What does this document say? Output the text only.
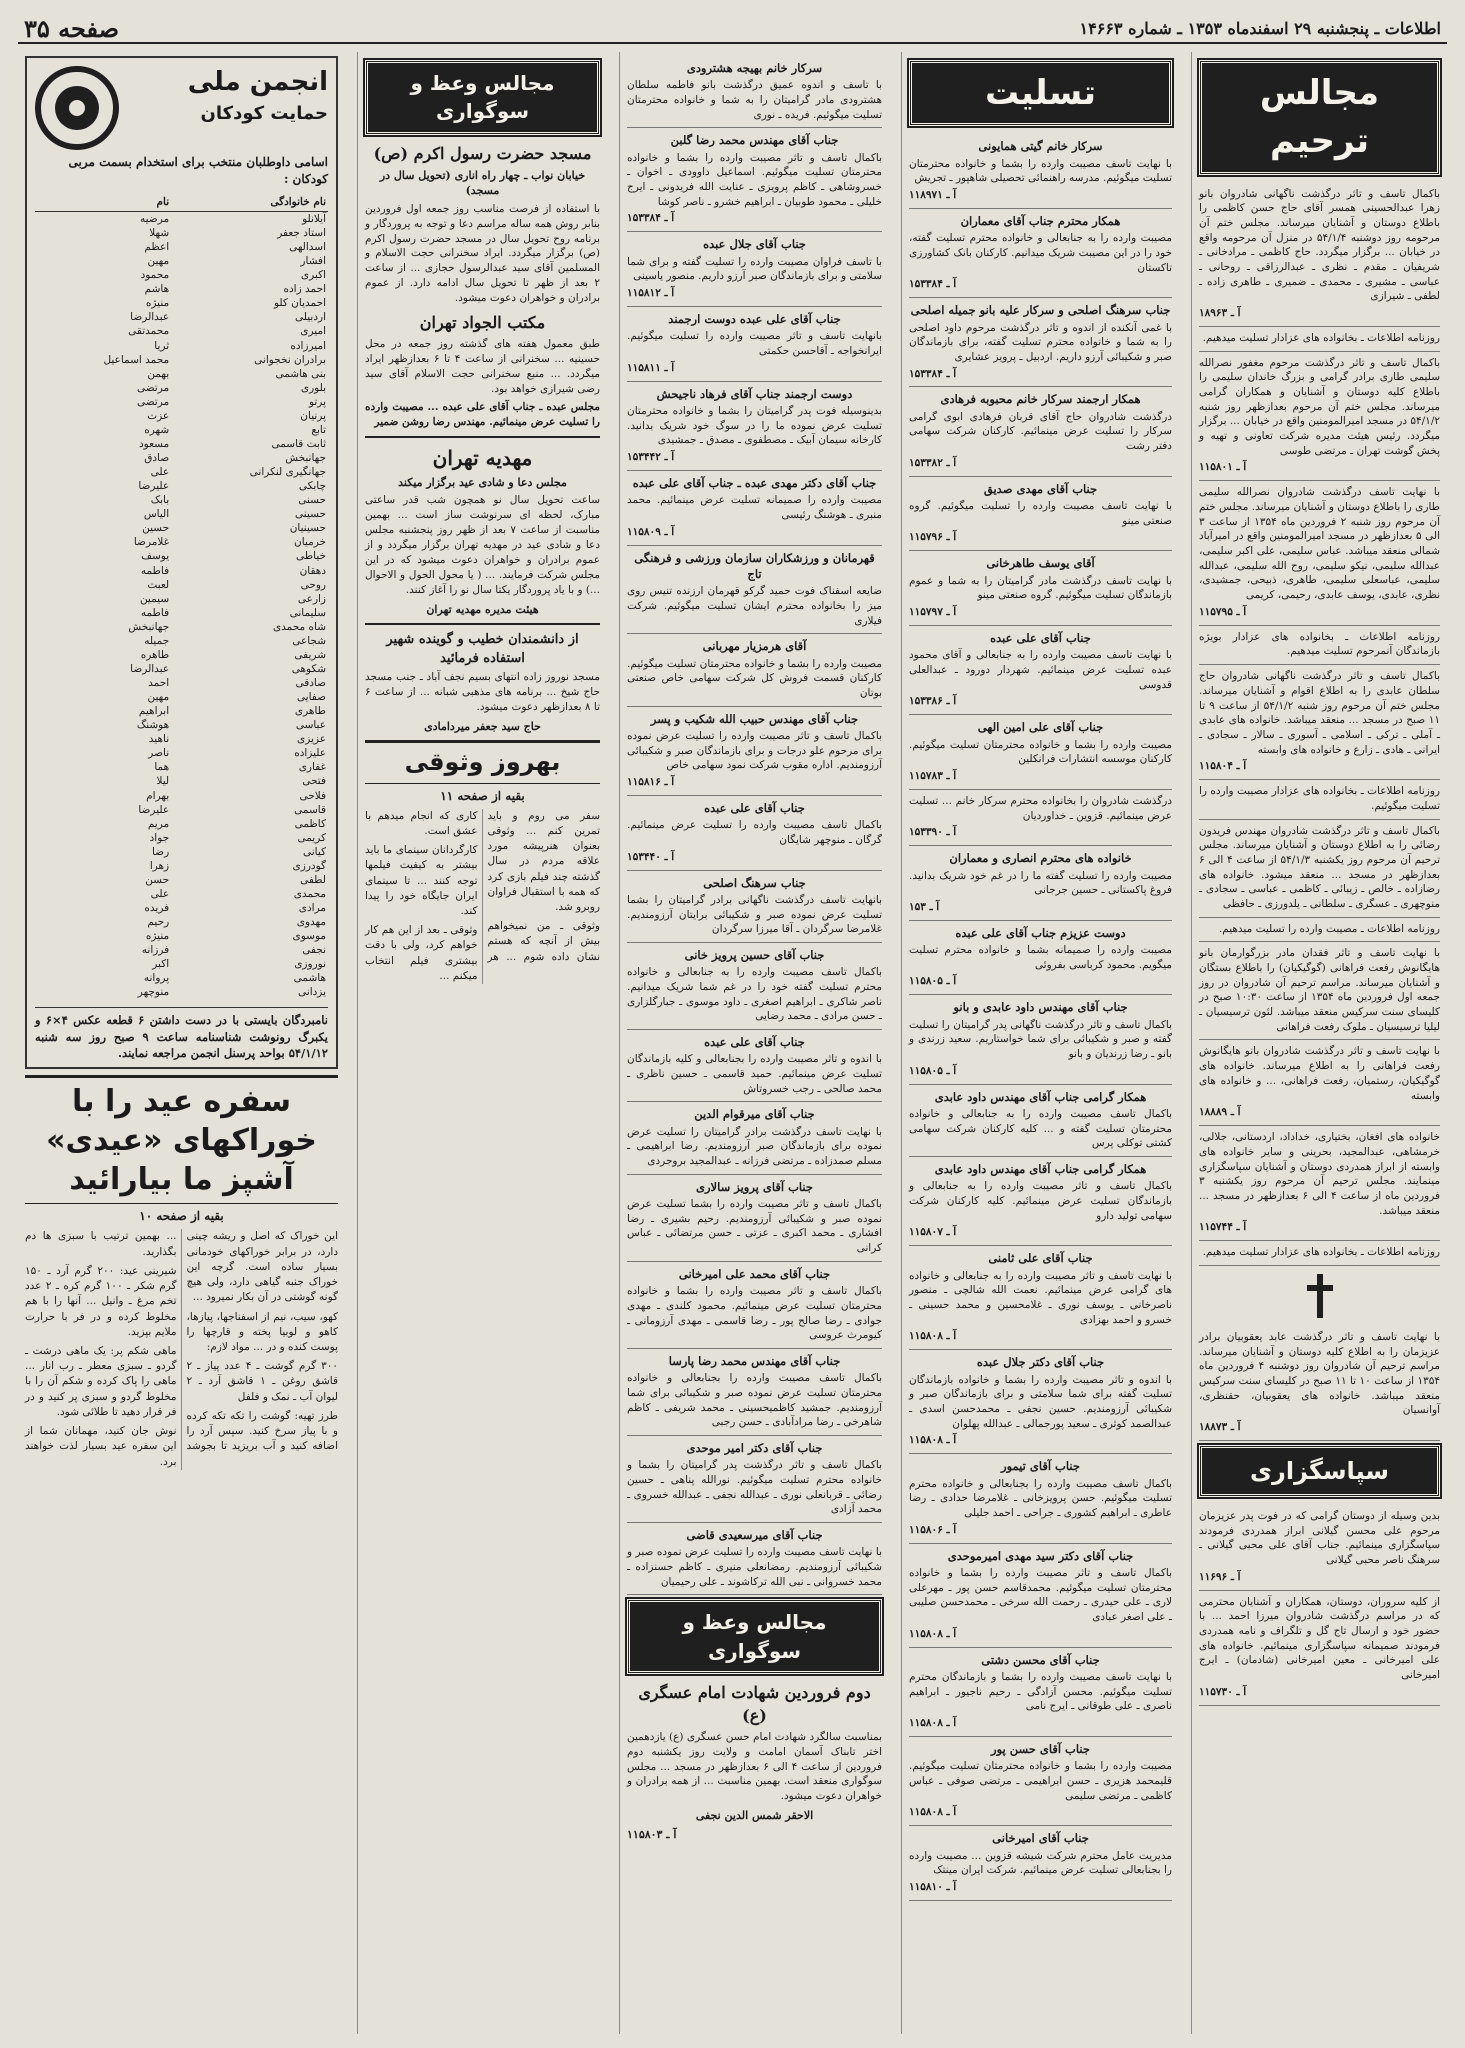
اطلاعات ـ پنجشنبه ۲۹ اسفندماه ۱۳۵۳ ـ شماره ۱۴۶۶۳
صفحه ۳۵
مجالس ترحیم

باکمال تاسف و تاثر درگذشت ناگهانی شادروان بانو زهرا عبدالحسینی همسر آقای حاج حسن کاظمی را باطلاع دوستان و آشنایان میرساند. مجلس ختم آن مرحومه روز دوشنبه ۵۴/۱/۴ در منزل آن مرحومه واقع در خیابان ... برگزار میگردد. حاج کاظمی ـ مرادخانی ـ شریفیان ـ مقدم ـ نظری ـ عبدالرزاقی ـ روحانی ـ عباسی ـ مشیری ـ محمدی ـ ضمیری ـ طاهری زاده ـ لطفی ـ شیرازی

آ ـ ۱۸۹۶۳

روزنامه اطلاعات ـ بخانواده های عزادار تسلیت میدهیم.

باکمال تاسف و تاثر درگذشت مرحوم مغفور نصرالله سلیمی طاری برادر گرامی و بزرگ خاندان سلیمی را باطلاع کلیه دوستان و آشنایان و همکاران گرامی میرساند. مجلس ختم آن مرحوم بعدازظهر روز شنبه ۵۴/۱/۲ در مسجد امیرالمومنین واقع در خیابان ... برگزار میگردد. رئیس هیئت مدیره شرکت تعاونی و تهیه و پخش گوشت تهران ـ مرتضی طوسی

آ ـ ۱۱۵۸۰۱

با نهایت تاسف درگذشت شادروان نصرالله سلیمی طاری را باطلاع دوستان و آشنایان میرساند. مجلس ختم آن مرحوم روز شنبه ۲ فروردین ماه ۱۳۵۴ از ساعت ۳ الی ۵ بعدازظهر در مسجد امیرالمومنین واقع در امیرآباد شمالی منعقد میباشد. عباس سلیمی، علی اکبر سلیمی، عبدالله سلیمی، نیکو سلیمی، روح الله سلیمی، عبدالله سلیمی، عباسعلی سلیمی، طاهری، ذبیحی، جمشیدی، نظری، عابدی، یوسف عابدی، رحیمی، کریمی

آ ـ ۱۱۵۷۹۵

روزنامه اطلاعات ـ بخانواده های عزادار بویژه بازماندگان آنمرحوم تسلیت میدهیم.

باکمال تاسف و تاثر درگذشت ناگهانی شادروان حاج سلطان عابدی را به اطلاع اقوام و آشنایان میرساند. مجلس ختم آن مرحوم روز شنبه ۵۴/۱/۲ از ساعت ۹ تا ۱۱ صبح در مسجد ... منعقد میباشد. خانواده های عابدی ـ آملی ـ ترکی ـ اسلامی ـ آسوری ـ سالار ـ سجادی ـ ایرانی ـ هادی ـ زارع و خانواده های وابسته

آ ـ ۱۱۵۸۰۴

روزنامه اطلاعات ـ بخانواده های عزادار مصیبت وارده را تسلیت میگوئیم.

باکمال تاسف و تاثر درگذشت شادروان مهندس فریدون رضائی را به اطلاع دوستان و آشنایان میرساند. مجلس ترحیم آن مرحوم روز یکشنبه ۵۴/۱/۳ از ساعت ۴ الی ۶ بعدازظهر در مسجد ... منعقد میشود. خانواده های رضازاده ـ خالص ـ زیبائی ـ کاظمی ـ عباسی ـ سجادی ـ منوچهری ـ عسگری ـ سلطانی ـ یلدورزی ـ حافظی

روزنامه اطلاعات ـ مصیبت وارده را تسلیت میدهیم.

با نهایت تاسف و تاثر فقدان مادر بزرگوارمان بانو هایگانوش رفعت فراهانی (گوگیکیان) را باطلاع بستگان و آشنایان میرساند. مراسم ترحیم آن شادروان در روز جمعه اول فروردین ماه ۱۳۵۴ از ساعت ۱۰:۳۰ صبح در کلیسای سنت سرکیس منعقد میباشد. لئون ترسیسیان ـ لیلیا ترسیسیان ـ ملوک رفعت فراهانی

با نهایت تاسف و تاثر درگذشت شادروان بانو هایگانوش رفعت فراهانی را به اطلاع میرساند. خانواده های گوگیکیان، رستمیان، رفعت فراهانی، ... و خانواده های وابسته

آ ـ ۱۸۸۸۹

خانواده های افغان، بختیاری، خداداد، اردستانی، جلالی، خرمشاهی، عبدالمجید، بحرینی و سایر خانواده های وابسته از ابراز همدردی دوستان و آشنایان سپاسگزاری مینمایند. مجلس ترحیم آن مرحوم روز یکشنبه ۳ فروردین ماه از ساعت ۴ الی ۶ بعدازظهر در مسجد ... منعقد میباشد.

آ ـ ۱۱۵۷۴۴

روزنامه اطلاعات ـ بخانواده های عزادار تسلیت میدهیم.

با نهایت تاسف و تاثر درگذشت عابد یعقوبیان برادر عزیزمان را به اطلاع کلیه دوستان و آشنایان میرساند. مراسم ترحیم آن شادروان روز دوشنبه ۴ فروردین ماه ۱۳۵۴ از ساعت ۱۰ تا ۱۱ صبح در کلیسای سنت سرکیس منعقد میباشد. خانواده های یعقوبیان، حقنظری، آوانسیان

آ ـ ۱۸۸۷۳
سپاسگزاری

بدین وسیله از دوستان گرامی که در فوت پدر عزیزمان مرحوم علی محسن گیلانی ابراز همدردی فرمودند سپاسگزاری مینمائیم. جناب آقای علی محبی گیلانی ـ سرهنگ ناصر محبی گیلانی

آ ـ ۱۱۶۹۶

از کلیه سروران، دوستان، همکاران و آشنایان محترمی که در مراسم درگذشت شادروان میرزا احمد ... با حضور خود و ارسال تاج گل و تلگراف و نامه همدردی فرمودند صمیمانه سپاسگزاری مینمائیم. خانواده های علی امیرخانی ـ معین امیرخانی (شادمان) ـ ایرج امیرخانی

آ ـ ۱۱۵۷۳۰
تسلیت
سرکار خانم گیتی همایونی

با نهایت تاسف مصیبت وارده را بشما و خانواده محترمتان تسلیت میگوئیم. مدرسه راهنمائی تحصیلی شاهپور ـ تجریش

آ ـ ۱۱۸۹۷۱
همکار محترم جناب آقای معماران

مصیبت وارده را به جنابعالی و خانواده محترم تسلیت گفته، خود را در این مصیبت شریک میدانیم. کارکنان بانک کشاورزی تاکستان

آ ـ ۱۵۳۳۸۴
جناب سرهنگ اصلحی و سرکار علیه بانو جمیله اصلحی

با غمی آنکنده از اندوه و تاثر درگذشت مرحوم داود اصلحی را به شما و خانواده محترم تسلیت گفته، برای بازماندگان صبر و شکیبائی آرزو داریم. اردبیل ـ پرویز عشایری

آ ـ ۱۵۳۳۸۴
همکار ارجمند سرکار خانم محبوبه فرهادی

درگذشت شادروان حاج آقای قربان فرهادی ابوی گرامی سرکار را تسلیت عرض مینمائیم. کارکنان شرکت سهامی دفتر رشت

آ ـ ۱۵۳۳۸۲
جناب آقای مهدی صدیق

با نهایت تاسف مصیبت وارده را تسلیت میگوئیم. گروه صنعتی مینو

آ ـ ۱۱۵۷۹۶
آقای یوسف طاهرخانی

با نهایت تاسف درگذشت مادر گرامیتان را به شما و عموم بازماندگان تسلیت میگوئیم. گروه صنعتی مینو

آ ـ ۱۱۵۷۹۷
جناب آقای علی عبده

با نهایت تاسف مصیبت وارده را به جنابعالی و آقای محمود عبده تسلیت عرض مینمائیم. شهردار دورود ـ عبدالعلی قدوسی

آ ـ ۱۵۳۳۸۶
جناب آقای علی امین الهی

مصیبت وارده را بشما و خانواده محترمتان تسلیت میگوئیم. کارکنان موسسه انتشارات فرانکلین

آ ـ ۱۱۵۷۸۳

درگذشت شادروان را بخانواده محترم سرکار خانم ... تسلیت عرض مینمائیم. قزوین ـ خداوردیان

آ ـ ۱۵۳۳۹۰
خانواده های محترم انصاری و معماران

مصیبت وارده را تسلیت گفته ما را در غم خود شریک بدانید. فروغ پاکستانی ـ حسین جرجانی

آ ـ ۱۵۳
دوست عزیزم جناب آقای علی عبده

مصیبت وارده را صمیمانه بشما و خانواده محترم تسلیت میگویم. محمود کرباسی بفروئی

آ ـ ۱۱۵۸۰۵
جناب آقای مهندس داود عابدی و بانو

باکمال تاسف و تاثر درگذشت ناگهانی پدر گرامیتان را تسلیت گفته و صبر و شکیبائی برای شما خواستاریم. سعید زرندی و بانو ـ رضا زرندیان و بانو

آ ـ ۱۱۵۸۰۵
همکار گرامی جناب آقای مهندس داود عابدی

باکمال تاسف مصیبت وارده را به جنابعالی و خانواده محترمتان تسلیت گفته و ... کلیه کارکنان شرکت سهامی کشتی توکلی پرس

همکار گرامی جناب آقای مهندس داود عابدی

باکمال تاسف و تاثر مصیبت وارده را به جنابعالی و بازماندگان تسلیت عرض مینمائیم. کلیه کارکنان شرکت سهامی تولید دارو

آ ـ ۱۱۵۸۰۷
جناب آقای علی ثامنی

با نهایت تاسف و تاثر مصیبت وارده را به جنابعالی و خانواده های گرامی عرض مینمائیم. نعمت الله شالچی ـ منصور ناصرخانی ـ یوسف نوری ـ غلامحسین و محمد حسینی ـ خسرو و احمد بهزادی

آ ـ ۱۱۵۸۰۸
جناب آقای دکتر جلال عبده

با اندوه و تاثر مصیبت وارده را بشما و خانواده بازماندگان تسلیت گفته برای شما سلامتی و برای بازماندگان صبر و شکیبائی آرزومندیم. حسین نجفی ـ محمدحسن اسدی ـ عبدالصمد کوثری ـ سعید پورجمالی ـ عبدالله پهلوان

آ ـ ۱۱۵۸۰۸
جناب آقای تیمور

باکمال تاسف مصیبت وارده را بجنابعالی و خانواده محترم تسلیت میگوئیم. حسن پرویزخانی ـ غلامرضا حدادی ـ رضا عاطری ـ ابراهیم کشوری ـ جراحی ـ احمد جلیلی

آ ـ ۱۱۵۸۰۶
جناب آقای دکتر سید مهدی امیرموحدی

باکمال تاسف و تاثر مصیبت وارده را بشما و خانواده محترمتان تسلیت میگوئیم. محمدقاسم حسن پور ـ مهرعلی لاری ـ علی حیدری ـ رحمت الله سرخی ـ محمدحسن صلیبی ـ علی اصغر عبادی

آ ـ ۱۱۵۸۰۸
جناب آقای محسن دشتی

با نهایت تاسف مصیبت وارده را بشما و بازماندگان محترم تسلیت میگوئیم. محسن آزادگی ـ رحیم ناجیور ـ ابراهیم ناصری ـ علی طوقانی ـ ایرج نامی

آ ـ ۱۱۵۸۰۸
جناب آقای حسن پور

مصیبت وارده را بشما و خانواده محترمتان تسلیت میگوئیم. قلیمحمد هزیری ـ حسن ابراهیمی ـ مرتضی صوفی ـ عباس کاظمی ـ مرتضی سلیمی

آ ـ ۱۱۵۸۰۸
جناب آقای امیرخانی

مدیریت عامل محترم شرکت شیشه قزوین ... مصیبت وارده را بجنابعالی تسلیت عرض مینمائیم. شرکت ایران مینتک

آ ـ ۱۱۵۸۱۰
سرکار خانم بهیجه هشترودی

با تاسف و اندوه عمیق درگذشت بانو فاطمه سلطان هشترودی مادر گرامیتان را به شما و خانواده محترمتان تسلیت میگوئیم. فریده ـ نوری

جناب آقای مهندس محمد رضا گلبن

باکمال تاسف و تاثر مصیبت وارده را بشما و خانواده محترمتان تسلیت میگوئیم. اسماعیل داوودی ـ اخوان ـ خسروشاهی ـ کاظم پرویزی ـ عنایت الله فریدونی ـ ایرج خلیلی ـ محمود طوبیان ـ ابراهیم خشرو ـ ناصر کوشا

آ ـ ۱۵۳۳۸۴
جناب آقای جلال عبده

با تاسف فراوان مصیبت وارده را تسلیت گفته و برای شما سلامتی و برای بازماندگان صبر آرزو داریم. منصور یاسینی

آ ـ ۱۱۵۸۱۲
جناب آقای علی عبده دوست ارجمند

بانهایت تاسف و تاثر مصیبت وارده را تسلیت میگوئیم. ایرانخواجه ـ آقاحسن حکمتی

آ ـ ۱۱۵۸۱۱
دوست ارجمند جناب آقای فرهاد ناجیحش

بدینوسیله فوت پدر گرامیتان را بشما و خانواده محترمتان تسلیت عرض نموده ما را در سوگ خود شریک بدانید. کارخانه سیمان آبیک ـ مصطفوی ـ مصدق ـ جمشیدی

آ ـ ۱۵۳۴۴۲
جناب آقای دکتر مهدی عبده ـ جناب آقای علی عبده

مصیبت وارده را صمیمانه تسلیت عرض مینمائیم. محمد منبری ـ هوشنگ رئیسی

آ ـ ۱۱۵۸۰۹
قهرمانان و ورزشکاران سازمان ورزشی و فرهنگی تاج

ضایعه اسفناک فوت حمید گرکو قهرمان ارزنده تنیس روی میز را بخانواده محترم ایشان تسلیت میگوئیم. شرکت فیلاری

آقای هرمزیار مهربانی

مصیبت وارده را بشما و خانواده محترمتان تسلیت میگوئیم. کارکنان قسمت فروش کل شرکت سهامی خاص صنعتی بوتان

جناب آقای مهندس حبیب الله شکیب و پسر

باکمال تاسف و تاثر مصیبت وارده را تسلیت عرض نموده برای مرحوم علو درجات و برای بازماندگان صبر و شکیبائی آرزومندیم. اداره مقوب شرکت نمود سهامی خاص

آ ـ ۱۱۵۸۱۶
جناب آقای علی عبده

باکمال تاسف مصیبت وارده را تسلیت عرض مینمائیم. گرگان ـ منوچهر شایگان

آ ـ ۱۵۳۴۴۰
جناب سرهنگ اصلحی

بانهایت تاسف درگذشت ناگهانی برادر گرامیتان را بشما تسلیت عرض نموده صبر و شکیبائی برایتان آرزومندیم. غلامرضا سرگردان ـ آقا میرزا سرگردان

جناب آقای حسین پرویز خانی

باکمال تاسف مصیبت وارده را به جنابعالی و خانواده محترم تسلیت گفته خود را در غم شما شریک میدانیم. ناصر شاکری ـ ابراهیم اصغری ـ داود موسوی ـ جبارگلزاری ـ حسن مرادی ـ محمد رضایی

جناب آقای علی عبده

با اندوه و تاثر مصیبت وارده را بجنابعالی و کلیه بازماندگان تسلیت عرض مینمائیم. حمید قاسمی ـ حسین ناظری ـ محمد صالحی ـ رجب خسروتاش

جناب آقای میرقوام الدین

با نهایت تاسف درگذشت برادر گرامیتان را تسلیت عرض نموده برای بازماندگان صبر آرزومندیم. رضا ابراهیمی ـ مسلم صمدزاده ـ مرتضی فرزانه ـ عبدالمجید بروجردی

جناب آقای پرویز سالاری

باکمال تاسف و تاثر مصیبت وارده را بشما تسلیت عرض نموده صبر و شکیبائی آرزومندیم. رحیم بشیری ـ رضا افشاری ـ محمد اکبری ـ عزتی ـ حسن مرتضائی ـ عباس کرانی

جناب آقای محمد علی امیرخانی

باکمال تاسف و تاثر مصیبت وارده را بشما و خانواده محترمتان تسلیت عرض مینمائیم. محمود کلندی ـ مهدی جوادی ـ رضا صالح پور ـ رضا قاسمی ـ مهدی آرزومانی ـ کیومرث عروسی

جناب آقای مهندس محمد رضا پارسا

باکمال تاسف مصیبت وارده را بجنابعالی و خانواده محترمتان تسلیت عرض نموده صبر و شکیبائی برای شما آرزومندیم. جمشید کاظمیحسینی ـ محمد شریفی ـ کاظم شاهرخی ـ رضا مرادآبادی ـ حسن رجبی

جناب آقای دکتر امیر موحدی

باکمال تاسف و تاثر درگذشت پدر گرامیتان را بشما و خانواده محترم تسلیت میگوئیم. نورالله پناهی ـ حسین رضائی ـ قربانعلی نوری ـ عبدالله نجفی ـ عبدالله خسروی ـ محمد آزادی

جناب آقای میرسعیدی قاضی

با نهایت تاسف مصیبت وارده را تسلیت عرض نموده صبر و شکیبائی آرزومندیم. رمضانعلی منیری ـ کاظم حسنزاده ـ محمد خسروانی ـ نبی الله ترکاشوند ـ علی رحیمیان

مجالس وعظ و سوگواری
دوم فروردین شهادت امام عسگری (ع)

بمناسبت سالگرد شهادت امام حسن عسگری (ع) یازدهمین اختر تابناک آسمان امامت و ولایت روز یکشنبه دوم فروردین از ساعت ۴ الی ۶ بعدازظهر در مسجد ... مجلس سوگواری منعقد است. بهمین مناسبت ... از همه برادران و خواهران دعوت میشود.

الاحقر شمس الدین نجفی
آ ـ ۱۱۵۸۰۳
مجالس وعظ و سوگواری
مسجد حضرت رسول اکرم (ص)
خیابان نواب ـ چهار راه اناری (تحویل سال در مسجد)

با استفاده از فرصت مناسب روز جمعه اول فروردین بنابر روش همه ساله مراسم دعا و توجه به پروردگار و برنامه روح تحویل سال در مسجد حضرت رسول اکرم (ص) برگزار میگردد. ایراد سخنرانی حجت الاسلام و المسلمین آقای سید عبدالرسول حجازی ... از ساعت ۲ بعد از ظهر تا تحویل سال ادامه دارد. از عموم برادران و خواهران دعوت میشود.

مکتب الجواد تهران

طبق معمول هفته های گذشته روز جمعه در محل حسینیه ... سخنرانی از ساعت ۴ تا ۶ بعدازظهر ایراد میگردد. ... منبع سخنرانی حجت الاسلام آقای سید رضی شیرازی خواهد بود.

مجلس عبده ـ جناب آقای علی عبده ... مصیبت وارده را تسلیت عرض مینمائیم. مهندس رضا روشن ضمیر

مهدیه تهران
مجلس دعا و شادی عید برگزار میکند

ساعت تحویل سال نو همچون شب قدر ساعتی مبارک، لحظه ای سرنوشت ساز است ... بهمین مناسبت از ساعت ۷ بعد از ظهر روز پنجشنبه مجلس دعا و شادی عید در مهدیه تهران برگزار میگردد و از عموم برادران و خواهران دعوت میشود که در این مجلس شرکت فرمایند. ... ( یا محول الحول و الاحوال ...) و با یاد پروردگار یکتا سال نو را آغاز کنند.

هیئت مدیره مهدیه تهران
از دانشمندان خطیب و گوینده شهیر استفاده فرمائید

مسجد نوروز زاده انتهای بسیم نجف آباد ـ جنب مسجد حاج شیخ ... برنامه های مذهبی شبانه ... از ساعت ۶ تا ۸ بعدازظهر دعوت میشود.

حاج سید جعفر میردامادی
بهروز وثوقی
بقیه از صفحه ۱۱

سفر می روم و باید تمرین کنم ... وثوقی بعنوان هنرپیشه مورد علاقه مردم در سال گذشته چند فیلم بازی کرد که همه با استقبال فراوان روبرو شد.

وثوقی ـ من نمیخواهم بیش از آنچه که هستم نشان داده شوم ... هر کاری که انجام میدهم با عشق است.

کارگردانان سینمای ما باید بیشتر به کیفیت فیلمها توجه کنند ... تا سینمای ایران جایگاه خود را پیدا کند.

وثوقی ـ بعد از این هم کار خواهم کرد، ولی با دقت بیشتری فیلم انتخاب میکنم ...

انجمن ملی
حمایت کودکان
اسامی داوطلبان منتخب برای استخدام بسمت مربی کودکان :
نام خانوادگی	نام
آیلانلو	مرضیه
استاد جعفر	شهلا
اسدالهی	اعظم
افشار	مهین
اکبری	محمود
احمد زاده	هاشم
احمدیان کلو	منیژه
اردبیلی	عبدالرضا
امیری	محمدتقی
امیرزاده	ثریا
برادران نخجوانی	محمد اسماعیل
بنی هاشمی	بهمن
بلوری	مرتضی
پرتو	مرتضی
پرنیان	عزت
تابع	شهره
ثابت قاسمی	مسعود
جهانبخش	صادق
جهانگیری لنکرانی	علی
چابکی	علیرضا
حسنی	بابک
حسینی	الیاس
حسینیان	حسین
خرمیان	غلامرضا
خیاطی	یوسف
دهقان	فاطمه
روحی	لعبت
زارعی	سیمین
سلیمانی	فاطمه
شاه محمدی	جهانبخش
شجاعی	جمیله
شریفی	طاهره
شکوهی	عبدالرضا
صادقی	احمد
صفایی	مهین
طاهری	ابراهیم
عباسی	هوشنگ
عزیزی	ناهید
علیزاده	ناصر
غفاری	هما
فتحی	لیلا
فلاحی	بهرام
قاسمی	علیرضا
کاظمی	مریم
کریمی	جواد
کیانی	رضا
گودرزی	زهرا
لطفی	حسن
محمدی	علی
مرادی	فریده
مهدوی	رحیم
موسوی	منیژه
نجفی	فرزانه
نوروزی	اکبر
هاشمی	پروانه
یزدانی	منوچهر
نامبردگان بایستی با در دست داشتن ۶ قطعه عکس ۴×۶ و یکبرگ رونوشت شناسنامه ساعت ۹ صبح روز سه شنبه ۵۴/۱/۱۲ بواحد پرسنل انجمن مراجعه نمایند.
سفره عید را با خوراکهای «عیدی» آشپز ما بیارائید
بقیه از صفحه ۱۰

این خوراک که اصل و ریشه چینی دارد، در برابر خوراکهای خودمانی بسیار ساده است. گرچه این خوراک جنبه گیاهی دارد، ولی هیچ گونه گوشتی در آن بکار نمیرود ...

کهو، سیب، نیم از اسفناجها، پیازها، کاهو و لوبیا پخته و قارچها را پوست کنده و در ... مواد لازم:

۳۰۰ گرم گوشت ـ ۴ عدد پیاز ـ ۲ قاشق روغن ـ ۱ قاشق آرد ـ ۲ لیوان آب ـ نمک و فلفل

طرز تهیه: گوشت را تکه تکه کرده و با پیاز سرخ کنید. سپس آرد را اضافه کنید و آب بریزید تا بجوشد ... بهمین ترتیب با سبزی ها دم بگذارید.

شیرینی عید: ۲۰۰ گرم آرد ـ ۱۵۰ گرم شکر ـ ۱۰۰ گرم کره ـ ۲ عدد تخم مرغ ـ وانیل ... آنها را با هم مخلوط کرده و در فر با حرارت ملایم بپزید.

ماهی شکم پر: یک ماهی درشت ـ گردو ـ سبزی معطر ـ رب انار ... ماهی را پاک کرده و شکم آن را با مخلوط گردو و سبزی پر کنید و در فر قرار دهید تا طلائی شود.

نوش جان کنید، مهمانان شما از این سفره عید بسیار لذت خواهند برد.
